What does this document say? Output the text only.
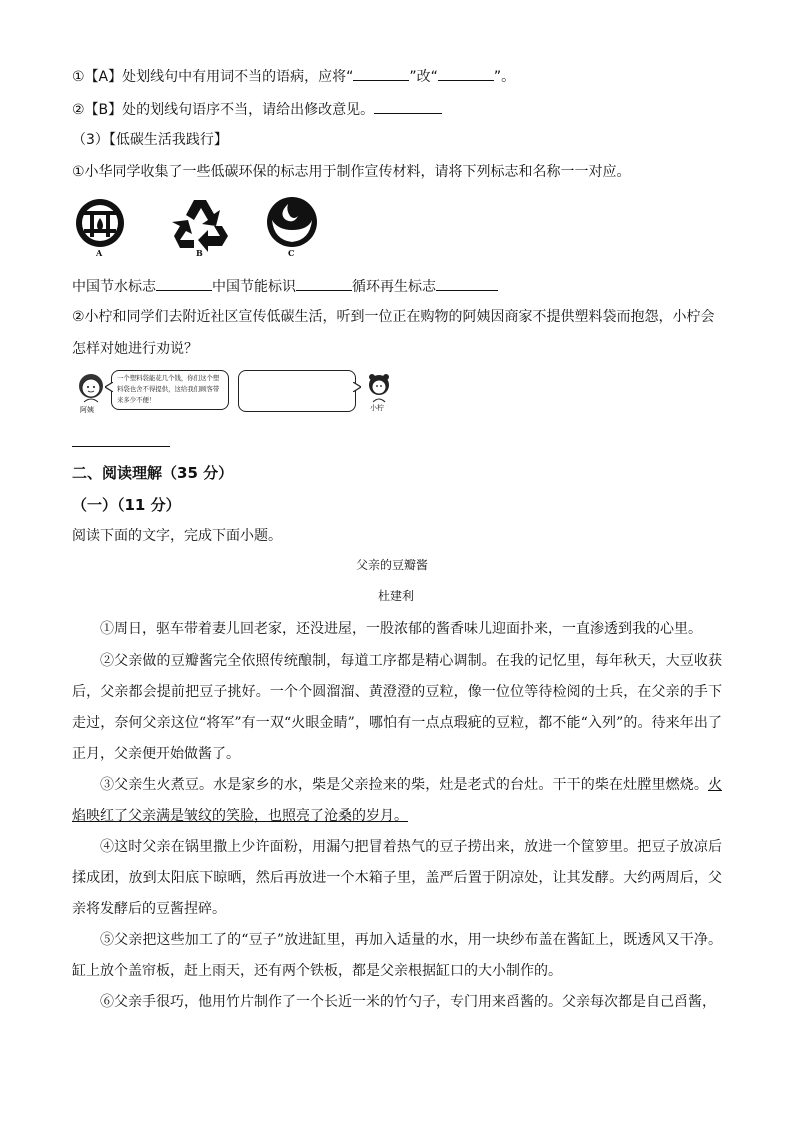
①【A】处划线句中有用词不当的语病，应将“	”改“	”。
②【B】处的划线句语序不当，请给出修改意见。
（3）【低碳生活我践行】
①小华同学收集了一些低碳环保的标志用于制作宣传材料，请将下列标志和名称一一对应。
A	B	C
中国节水标志	中国节能标识	循环再生标志
②小柠和同学们去附近社区宣传低碳生活，听到一位正在购物的阿姨因商家不提供塑料袋而抱怨，小柠会
怎样对她进行劝说？
阿姨
一个塑料袋能花几个钱，你们这个塑料袋也舍不得提供，这给我们顾客带来多少不便！
小柠
二、阅读理解（35 分）
（一）（11 分）
阅读下面的文字，完成下面小题。
父亲的豆瓣酱
杜建利
①周日，驱车带着妻儿回老家，还没进屋，一股浓郁的酱香味儿迎面扑来，一直渗透到我的心里。
②父亲做的豆瓣酱完全依照传统酿制，每道工序都是精心调制。在我的记忆里，每年秋天，大豆收获后，父亲都会提前把豆子挑好。一个个圆溜溜、黄澄澄的豆粒，像一位位等待检阅的士兵，在父亲的手下走过，奈何父亲这位“将军”有一双“火眼金睛”，哪怕有一点点瑕疵的豆粒，都不能“入列”的。待来年出了正月，父亲便开始做酱了。
③父亲生火煮豆。水是家乡的水，柴是父亲捡来的柴，灶是老式的台灶。干干的柴在灶膛里燃烧。火焰映红了父亲满是皱纹的笑脸，也照亮了沧桑的岁月。
④这时父亲在锅里撒上少许面粉，用漏勺把冒着热气的豆子捞出来，放进一个筐箩里。把豆子放凉后揉成团，放到太阳底下晾晒，然后再放进一个木箱子里，盖严后置于阴凉处，让其发酵。大约两周后，父亲将发酵后的豆酱捏碎。
⑤父亲把这些加工了的“豆子”放进缸里，再加入适量的水，用一块纱布盖在酱缸上，既透风又干净。缸上放个盖帘板，赶上雨天，还有两个铁板，都是父亲根据缸口的大小制作的。
⑥父亲手很巧，他用竹片制作了一个长近一米的竹勺子，专门用来舀酱的。父亲每次都是自己舀酱，
